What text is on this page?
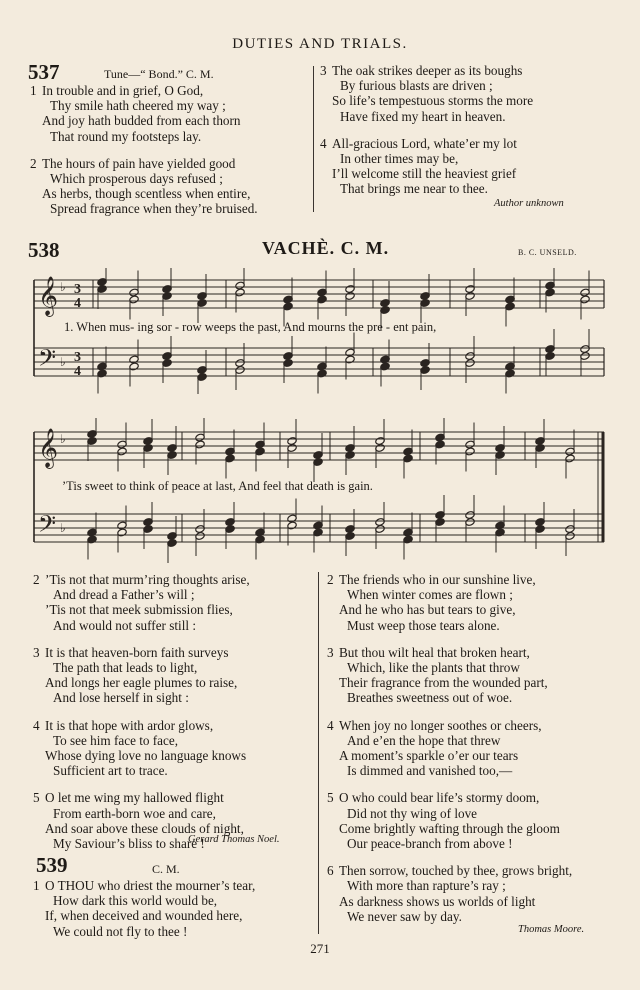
DUTIES AND TRIALS.
537	Tune—“ Bond.” C. M.
1 In trouble and in grief, O God,
Thy smile hath cheered my way ;
And joy hath budded from each thorn
That round my footsteps lay.
2 The hours of pain have yielded good
Which prosperous days refused ;
As herbs, though scentless when entire,
Spread fragrance when they’re bruised.
3 The oak strikes deeper as its boughs
By furious blasts are driven ;
So life’s tempestuous storms the more
Have fixed my heart in heaven.
4 All-gracious Lord, whate’er my lot
In other times may be,
I’ll welcome still the heaviest grief
That brings me near to thee.
Author unknown
538	VACHÈ. C. M.	B. C. UNSELD.
𝄞
𝄢
♭
♭
3
4
3
4
1. When mus- ing sor - row weeps the past, And mourns the pre - ent pain,
𝄞
𝄢
♭
♭
’Tis sweet to think of peace at last, And feel that death is gain.
2 ’Tis not that murm’ring thoughts arise,
And dread a Father’s will ;
’Tis not that meek submission flies,
And would not suffer still :
3 It is that heaven-born faith surveys
The path that leads to light,
And longs her eagle plumes to raise,
And lose herself in sight :
4 It is that hope with ardor glows,
To see him face to face,
Whose dying love no language knows
Sufficient art to trace.
5 O let me wing my hallowed flight
From earth-born woe and care,
And soar above these clouds of night,
My Saviour’s bliss to share !
Gerard Thomas Noel.
539	C. M.
1 O THOU who driest the mourner’s tear,
How dark this world would be,
If, when deceived and wounded here,
We could not fly to thee !
2 The friends who in our sunshine live,
When winter comes are flown ;
And he who has but tears to give,
Must weep those tears alone.
3 But thou wilt heal that broken heart,
Which, like the plants that throw
Their fragrance from the wounded part,
Breathes sweetness out of woe.
4 When joy no longer soothes or cheers,
And e’en the hope that threw
A moment’s sparkle o’er our tears
Is dimmed and vanished too,—
5 O who could bear life’s stormy doom,
Did not thy wing of love
Come brightly wafting through the gloom
Our peace-branch from above !
6 Then sorrow, touched by thee, grows bright,
With more than rapture’s ray ;
As darkness shows us worlds of light
We never saw by day.
Thomas Moore.
271
